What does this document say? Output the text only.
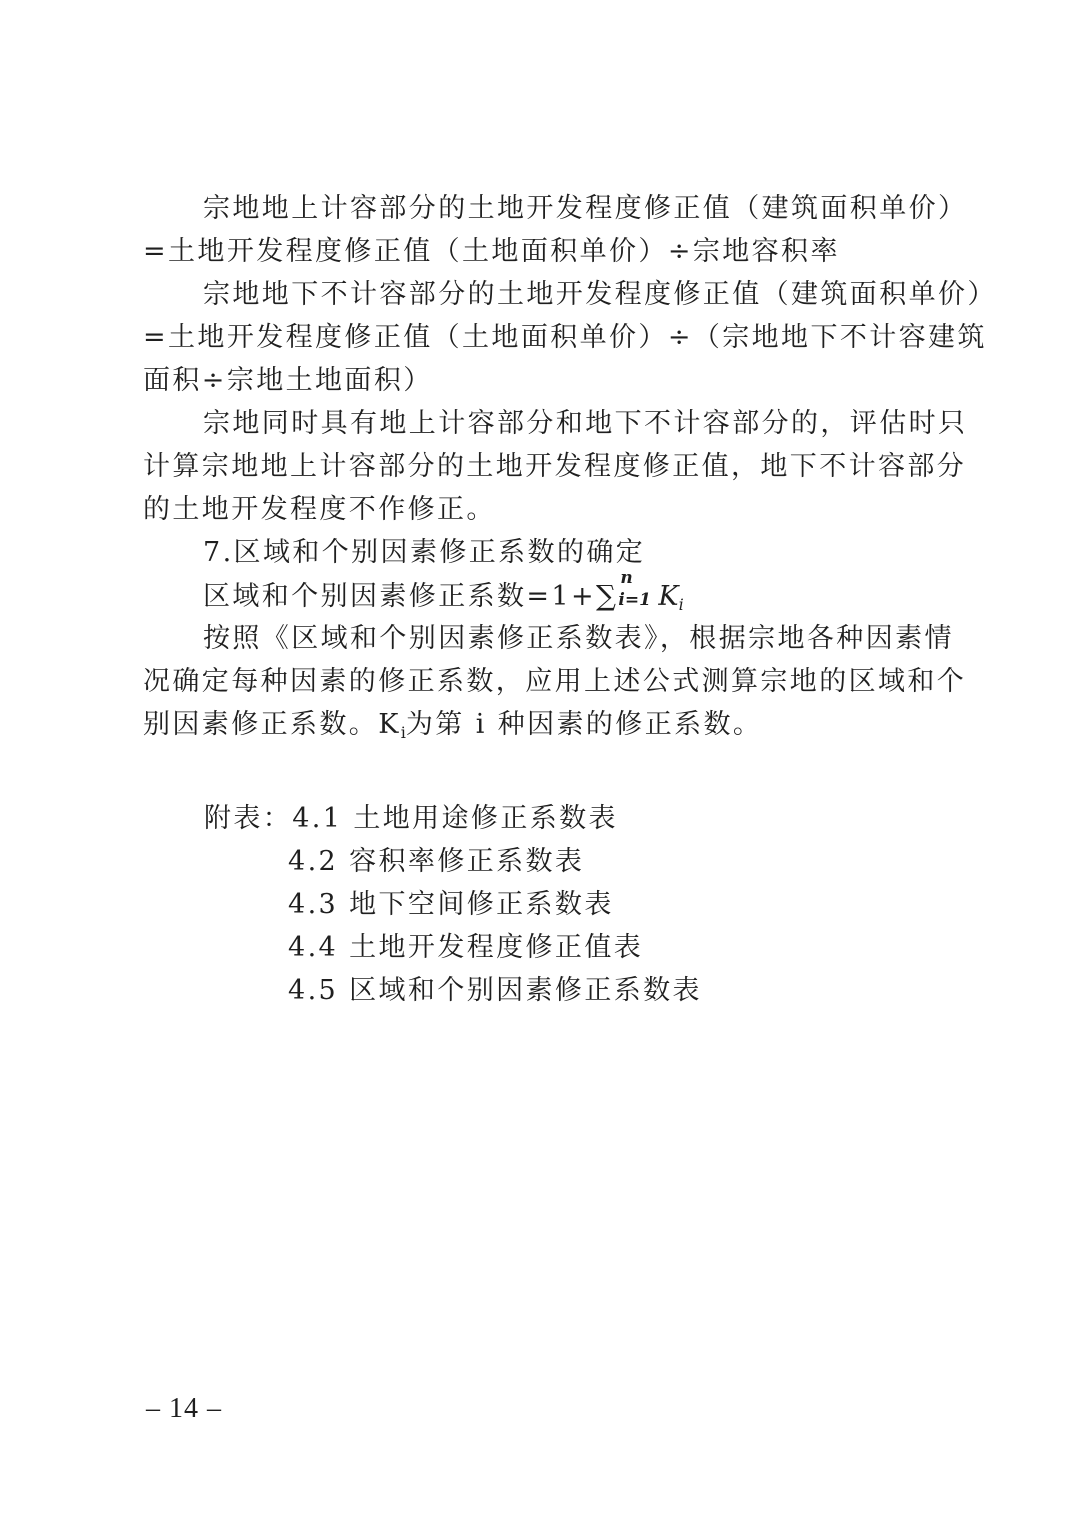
宗地地上计容部分的土地开发程度修正值（建筑面积单价）
=土地开发程度修正值（土地面积单价）÷宗地容积率
宗地地下不计容部分的土地开发程度修正值（建筑面积单价）
=土地开发程度修正值（土地面积单价）÷（宗地地下不计容建筑
面积÷宗地土地面积）
宗地同时具有地上计容部分和地下不计容部分的，评估时只
计算宗地地上计容部分的土地开发程度修正值，地下不计容部分
的土地开发程度不作修正。
7.区域和个别因素修正系数的确定
区域和个别因素修正系数=1+∑
n
i=1 Ki
按照《区域和个别因素修正系数表》，根据宗地各种因素情
况确定每种因素的修正系数，应用上述公式测算宗地的区域和个
别因素修正系数。Ki为第 i 种因素的修正系数。
附表：4.1 土地用途修正系数表
4.2 容积率修正系数表
4.3 地下空间修正系数表
4.4 土地开发程度修正值表
4.5 区域和个别因素修正系数表
– 14 –
